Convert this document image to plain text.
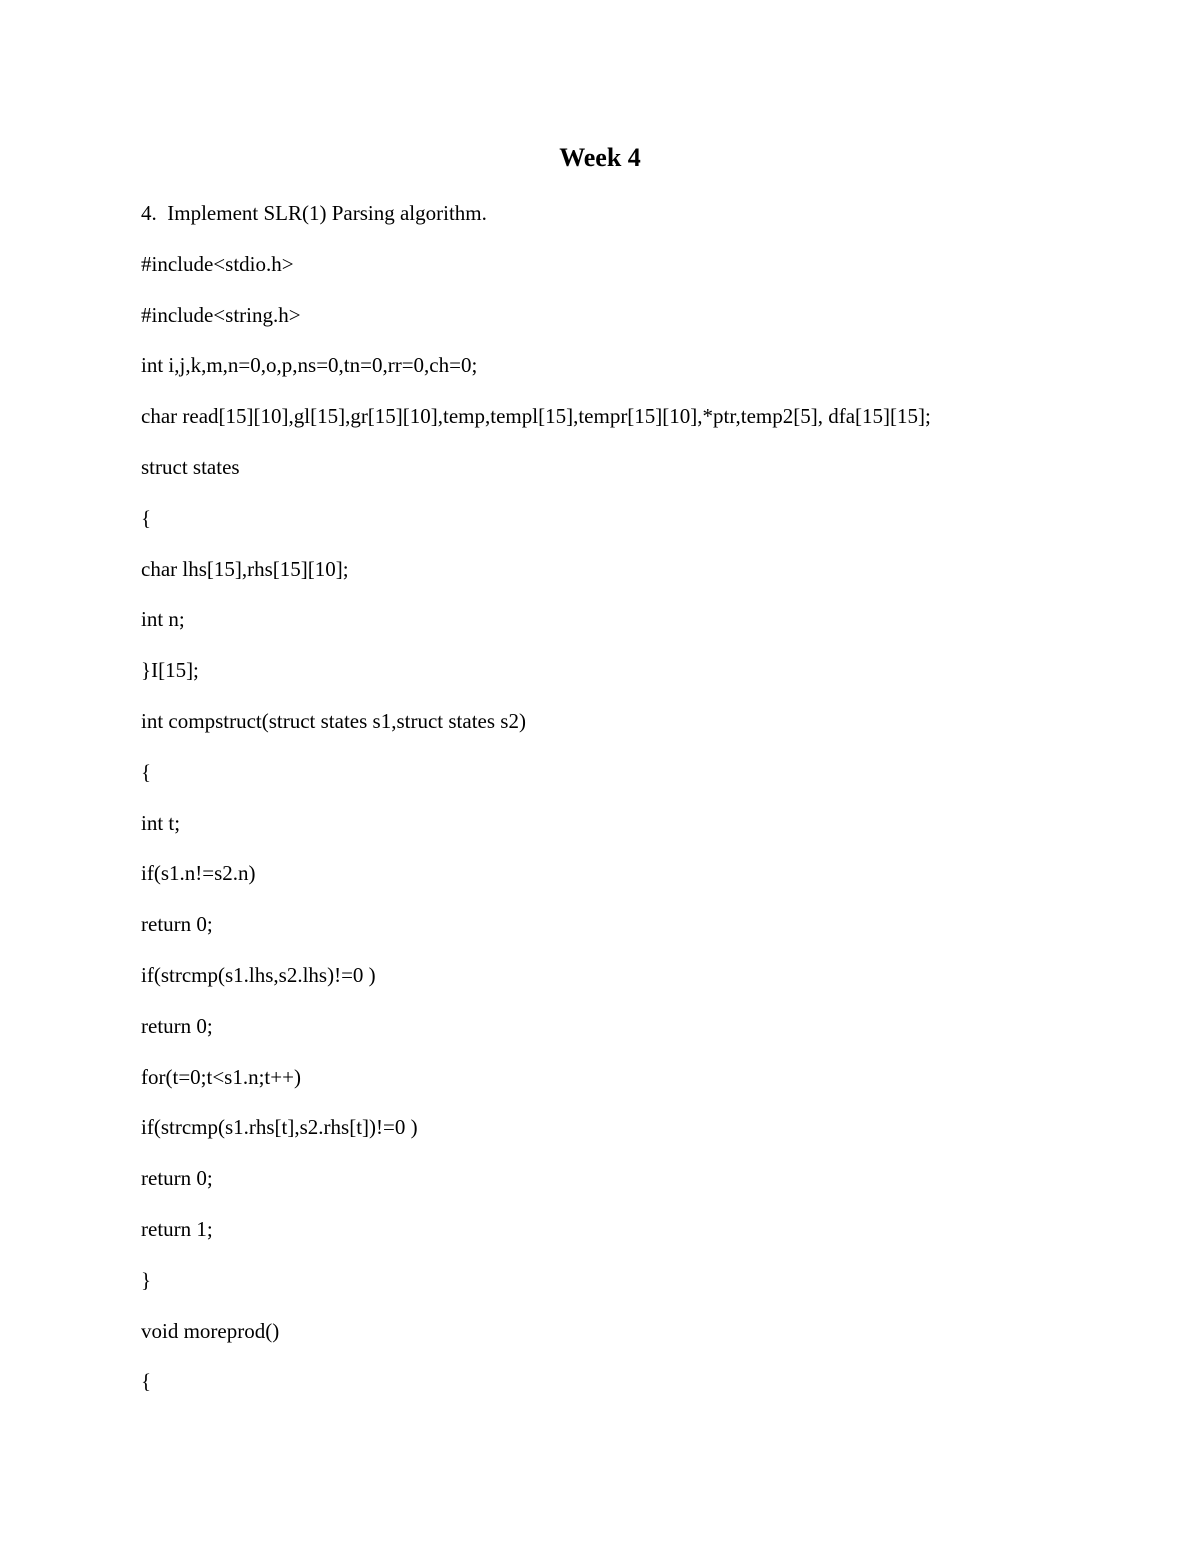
Week 4
4.  Implement SLR(1) Parsing algorithm.
#include<stdio.h>
#include<string.h>
int i,j,k,m,n=0,o,p,ns=0,tn=0,rr=0,ch=0;
char read[15][10],gl[15],gr[15][10],temp,templ[15],tempr[15][10],*ptr,temp2[5], dfa[15][15];
struct states
{
char lhs[15],rhs[15][10];
int n;
}I[15];
int compstruct(struct states s1,struct states s2)
{
int t;
if(s1.n!=s2.n)
return 0;
if(strcmp(s1.lhs,s2.lhs)!=0 )
return 0;
for(t=0;t<s1.n;t++)
if(strcmp(s1.rhs[t],s2.rhs[t])!=0 )
return 0;
return 1;
}
void moreprod()
{
